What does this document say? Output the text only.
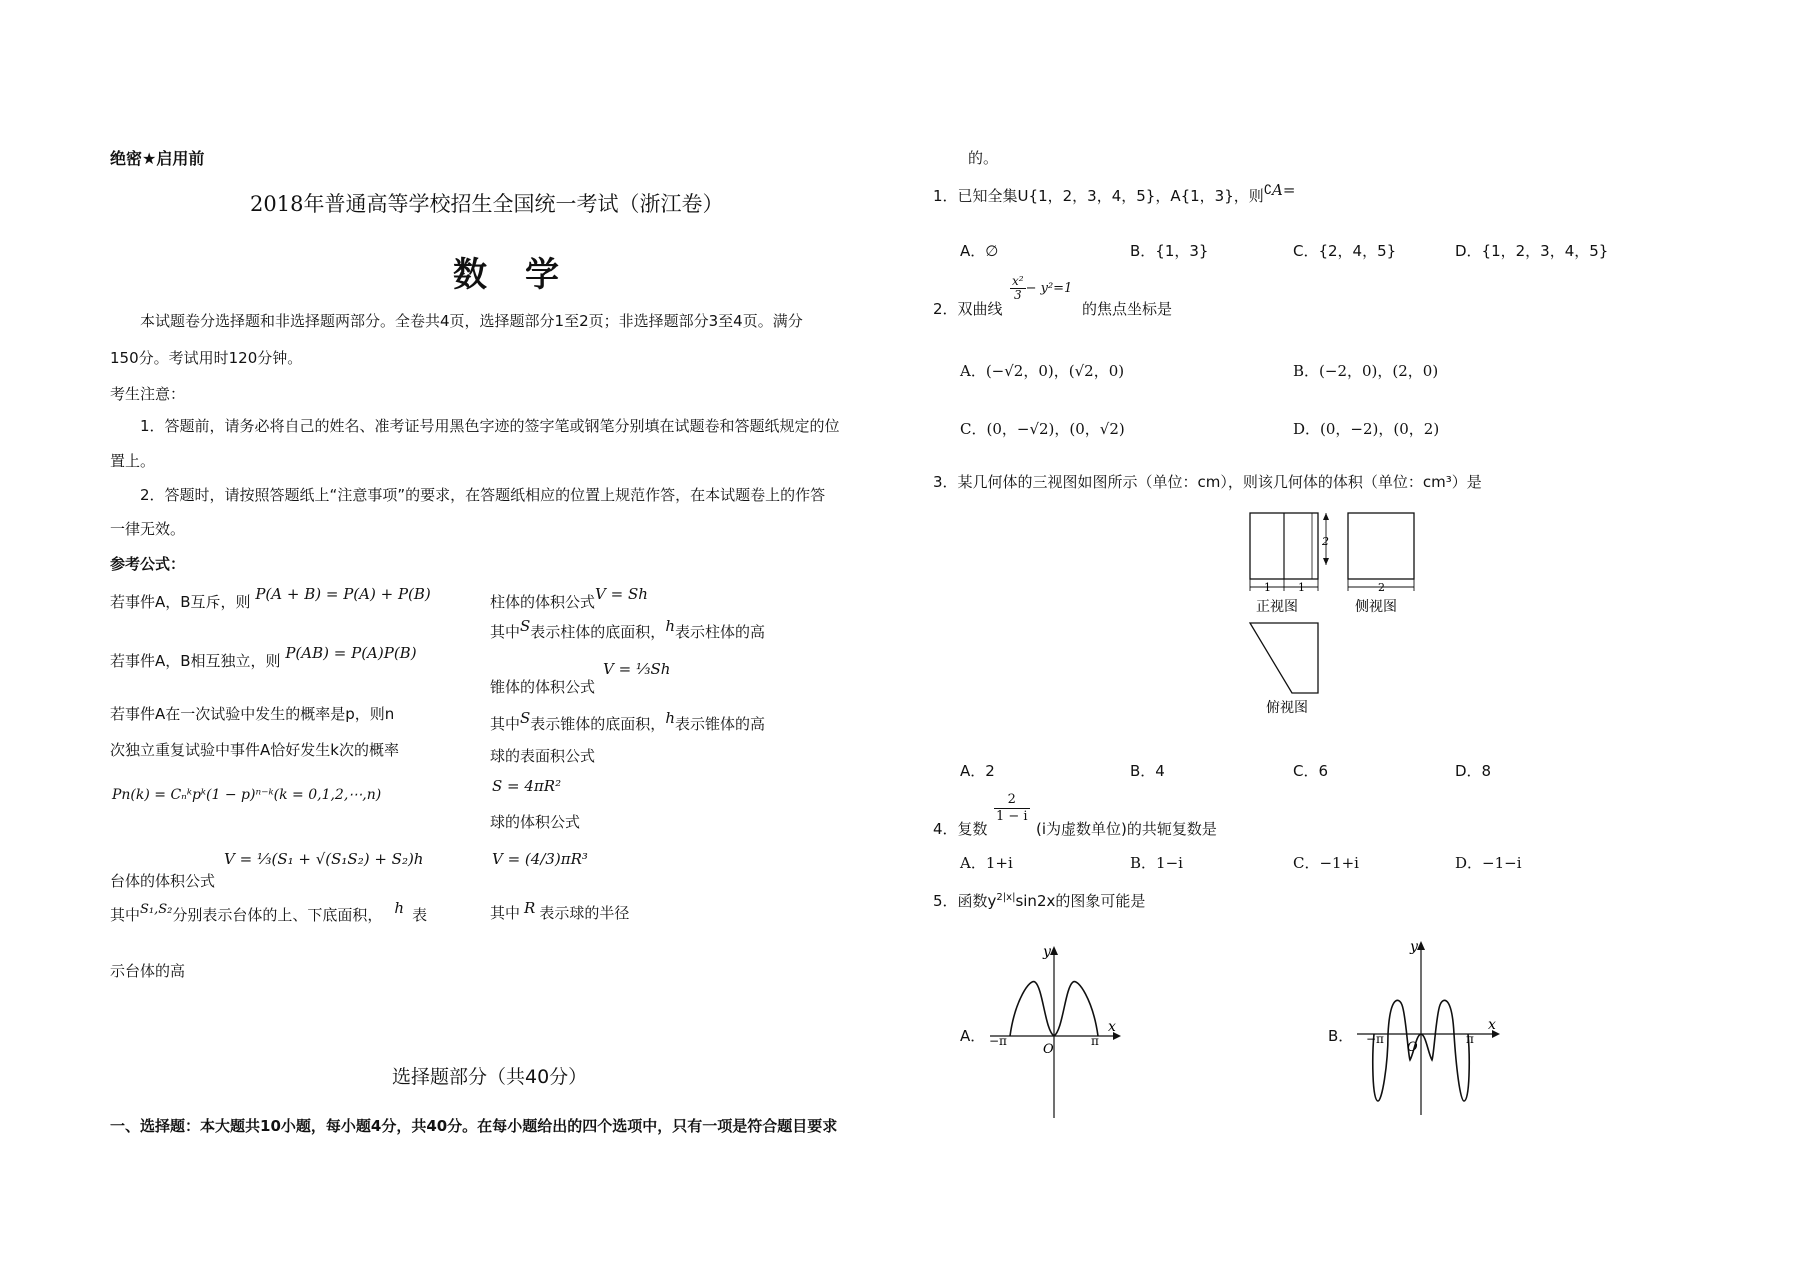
绝密★启用前
2018年普通高等学校招生全国统一考试（浙江卷）
数　学
本试题卷分选择题和非选择题两部分。全卷共4页，选择题部分1至2页；非选择题部分3至4页。满分
150分。考试用时120分钟。
考生注意：
1．答题前，请务必将自己的姓名、准考证号用黑色字迹的签字笔或钢笔分别填在试题卷和答题纸规定的位
置上。
2．答题时，请按照答题纸上“注意事项”的要求，在答题纸相应的位置上规范作答，在本试题卷上的作答
一律无效。
参考公式：
若事件A，B互斥，则 P(A + B) = P(A) + P(B)
若事件A，B相互独立，则 P(AB) = P(A)P(B)
若事件A在一次试验中发生的概率是p，则n
次独立重复试验中事件A恰好发生k次的概率
Pn(k) = Cₙᵏpᵏ(1 − p)ⁿ⁻ᵏ(k = 0,1,2,⋯,n)
台体的体积公式
V = ⅓(S₁ + √(S₁S₂) + S₂)h
其中S₁,S₂分别表示台体的上、下底面积， h 表
示台体的高
柱体的体积公式V = Sh
其中S表示柱体的底面积，h表示柱体的高
锥体的体积公式
V = ⅓Sh
其中S表示锥体的底面积，h表示锥体的高
球的表面积公式
S = 4πR²
球的体积公式
V = (4/3)πR³
其中 R 表示球的半径
选择题部分（共40分）
一、选择题：本大题共10小题，每小题4分，共40分。在每小题给出的四个选项中，只有一项是符合题目要求
的。
1．已知全集U{1，2，3，4，5}，A{1，3}，则∁A=
A．∅	B．{1，3}	C．{2，4，5}	D．{1，2，3，4，5}
2．双曲线
$\frac{\text{x²}}{3} - y^2=1$
的焦点坐标是
A．(−√2，0)，(√2，0)	B．(−2，0)，(2，0)
C．(0，−√2)，(0，√2)	D．(0，−2)，(0，2)
3．某几何体的三视图如图所示（单位：cm），则该几何体的体积（单位：cm³）是
2
1 1
正视图
2
侧视图
俯视图
A．2	B．4	C．6	D．8
4．复数
$\frac{2}{1 - i}$
(i为虚数单位)的共轭复数是
A．1+i	B．1−i	C．−1+i	D．−1−i
5．函数$y^{2|x|}\sin 2x$的图象可能是
A．
y
x
O
−π	π	B．
y
x
O
−π	π
